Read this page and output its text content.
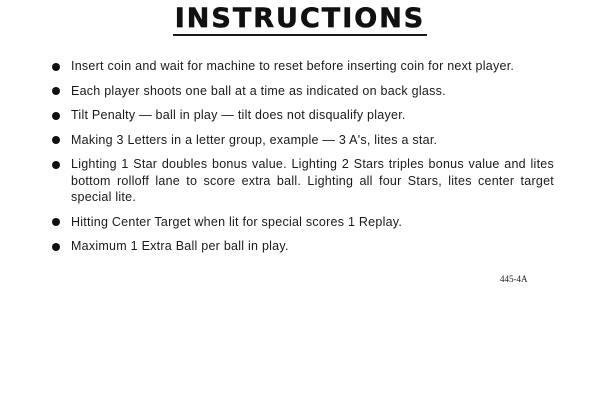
INSTRUCTIONS
Insert coin and wait for machine to reset before inserting coin for next player.
Each player shoots one ball at a time as indicated on back glass.
Tilt Penalty — ball in play — tilt does not disqualify player.
Making 3 Letters in a letter group, example — 3 A's, lites a star.
Lighting 1 Star doubles bonus value. Lighting 2 Stars triples bonus value and lites bottom rolloff lane to score extra ball. Lighting all four Stars, lites center target special lite.
Hitting Center Target when lit for special scores 1 Replay.
Maximum 1 Extra Ball per ball in play.
445-4A
